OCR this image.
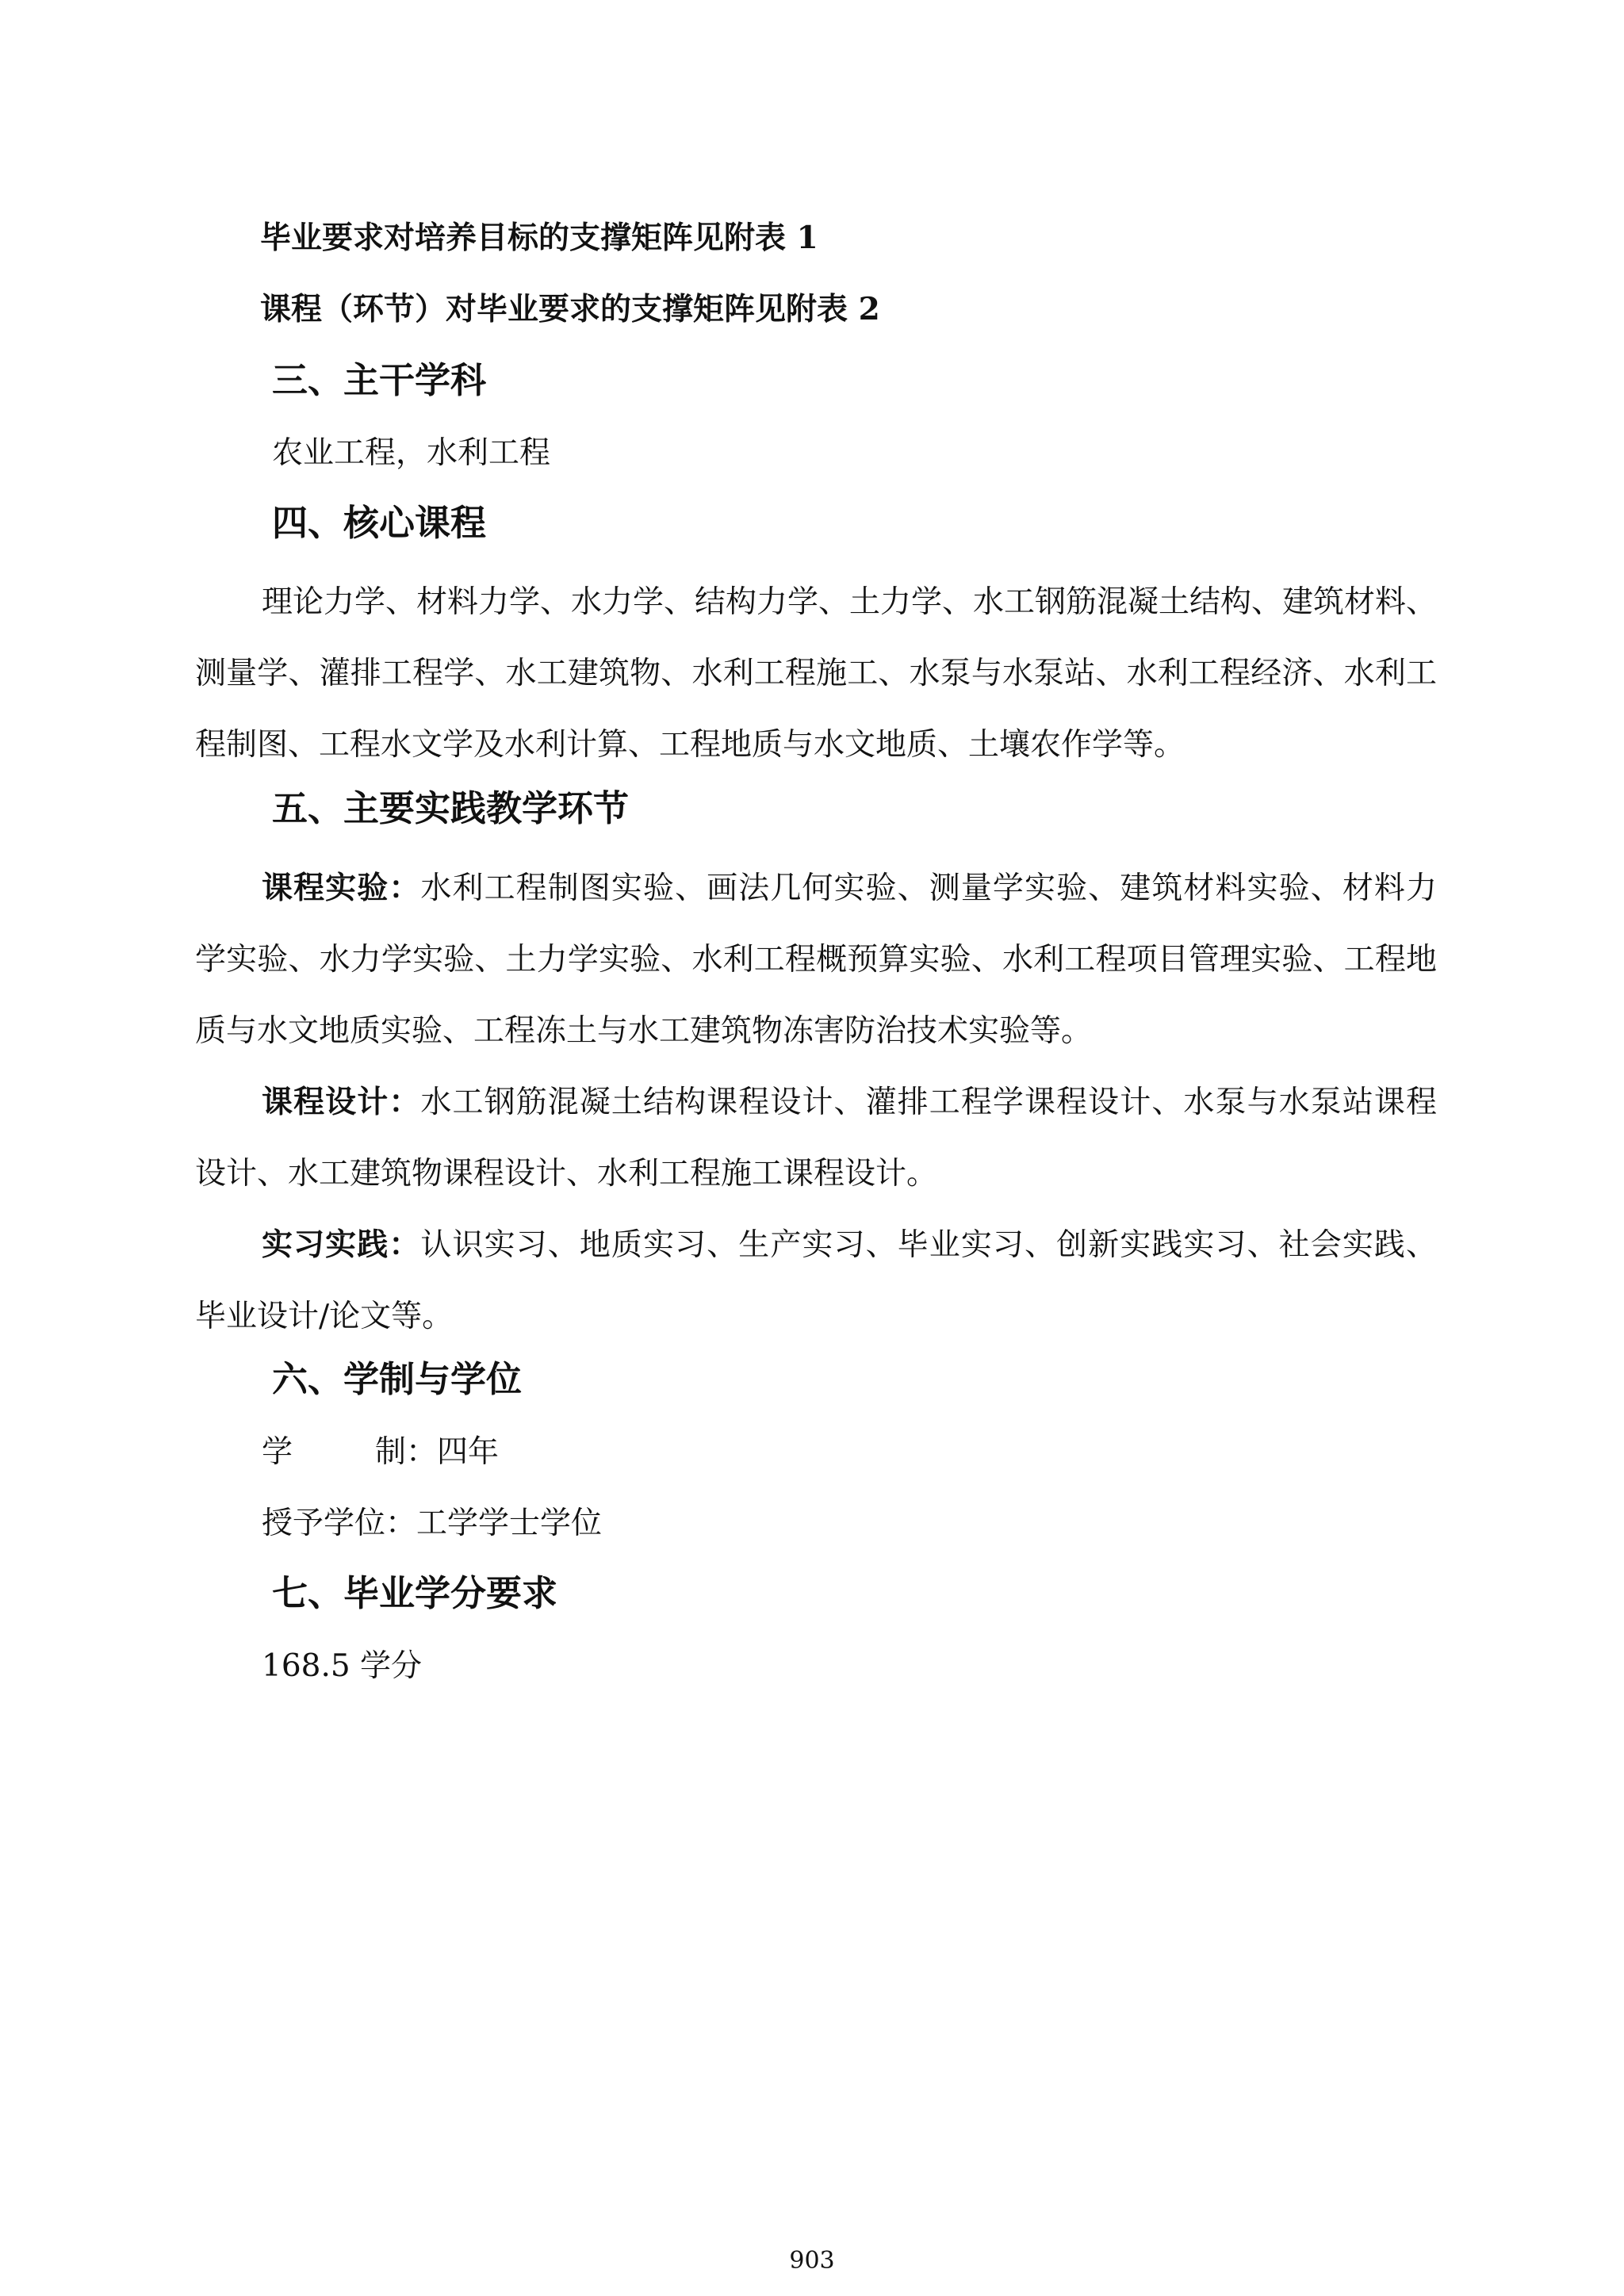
毕业要求对培养目标的支撑矩阵见附表 1
课程（环节）对毕业要求的支撑矩阵见附表 2
三、主干学科
农业工程，水利工程
四、核心课程
理论力学、材料力学、水力学、结构力学、土力学、水工钢筋混凝土结构、建筑材料、测量学、灌排工程学、水工建筑物、水利工程施工、水泵与水泵站、水利工程经济、水利工程制图、工程水文学及水利计算、工程地质与水文地质、土壤农作学等。
五、主要实践教学环节
课程实验：水利工程制图实验、画法几何实验、测量学实验、建筑材料实验、材料力学实验、水力学实验、土力学实验、水利工程概预算实验、水利工程项目管理实验、工程地质与水文地质实验、工程冻土与水工建筑物冻害防治技术实验等。
课程设计：水工钢筋混凝土结构课程设计、灌排工程学课程设计、水泵与水泵站课程设计、水工建筑物课程设计、水利工程施工课程设计。
实习实践：认识实习、地质实习、生产实习、毕业实习、创新实践实习、社会实践、毕业设计/论文等。
六、学制与学位
学	制：四年
授予学位：工学学士学位
七、毕业学分要求
168.5 学分
903
